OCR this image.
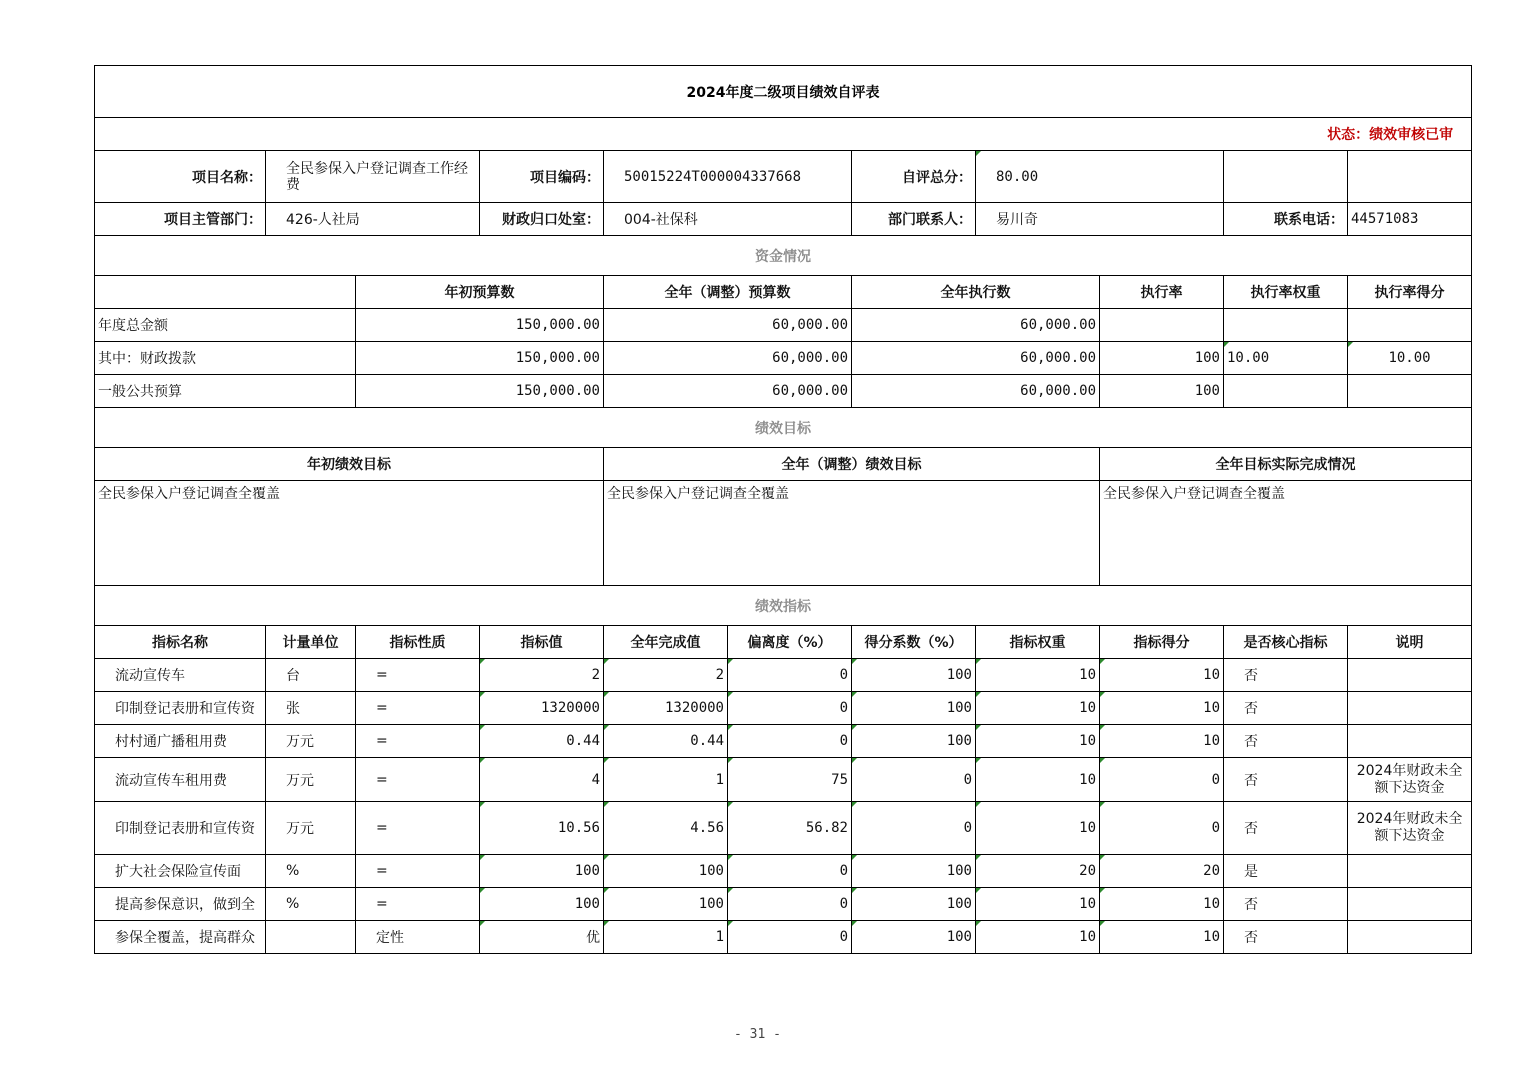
2024年度二级项目绩效自评表										
状态：绩效审核已审										
项目名称：	全民参保入户登记调查工作经费		项目编码：	50015224T000004337668		自评总分：	80.00			
项目主管部门：	426-人社局		财政归口处室：	004-社保科		部门联系人：	易川奇		联系电话：	44571083
资金情况										
		年初预算数		全年（调整）预算数		全年执行数		执行率	执行率权重	执行率得分
年度总金额		150,000.00		60,000.00		60,000.00				
其中：财政拨款		150,000.00		60,000.00		60,000.00		100	10.00	10.00
一般公共预算		150,000.00		60,000.00		60,000.00		100		
绩效目标										
年初绩效目标				全年（调整）绩效目标				全年目标实际完成情况		
全民参保入户登记调查全覆盖				全民参保入户登记调查全覆盖				全民参保入户登记调查全覆盖		
绩效指标										
指标名称	计量单位	指标性质	指标值	全年完成值	偏离度（%）	得分系数（%）	指标权重	指标得分	是否核心指标	说明
流动宣传车	台	=	2	2	0	100	10	10	否	
印制登记表册和宣传资	张	=	1320000	1320000	0	100	10	10	否	
村村通广播租用费	万元	=	0.44	0.44	0	100	10	10	否	
流动宣传车租用费	万元	=	4	1	75	0	10	0	否	2024年财政未全额下达资金
印制登记表册和宣传资	万元	=	10.56	4.56	56.82	0	10	0	否	2024年财政未全额下达资金
扩大社会保险宣传面	%	=	100	100	0	100	20	20	是	
提高参保意识，做到全	%	=	100	100	0	100	10	10	否	
参保全覆盖，提高群众		定性	优	1	0	100	10	10	否	
- 31 -
